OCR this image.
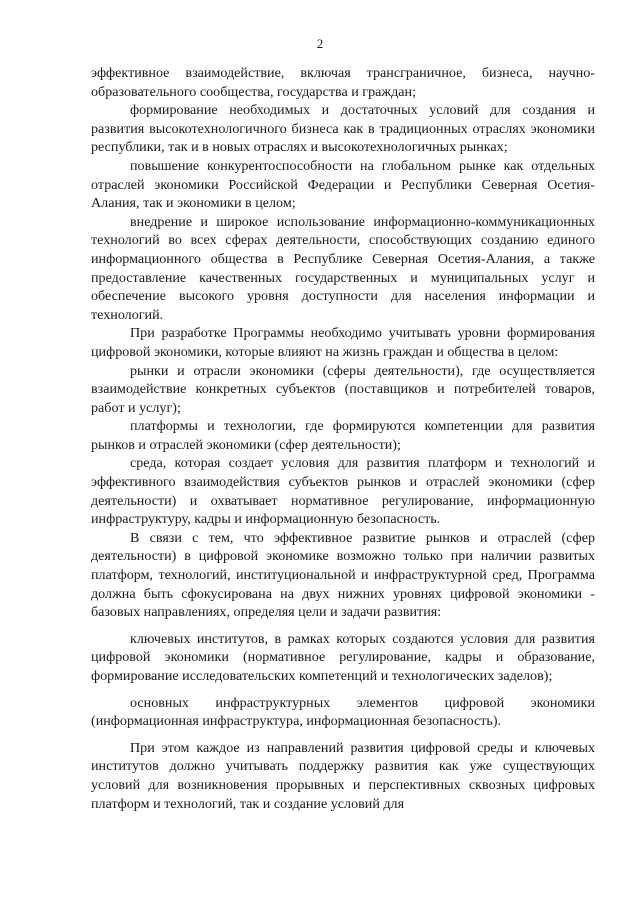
2

эффективное взаимодействие, включая трансграничное, бизнеса, научно-образовательного сообщества, государства и граждан;

формирование необходимых и достаточных условий для создания и развития высокотехнологичного бизнеса как в традиционных отраслях экономики республики, так и в новых отраслях и высокотехнологичных рынках;

повышение конкурентоспособности на глобальном рынке как отдельных отраслей экономики Российской Федерации и Республики Северная Осетия-Алания, так и экономики в целом;

внедрение и широкое использование информационно-коммуникационных технологий во всех сферах деятельности, способствующих созданию единого информационного общества в Республике Северная Осетия-Алания, а также предоставление качественных государственных и муниципальных услуг и обеспечение высокого уровня доступности для населения информации и технологий.

При разработке Программы необходимо учитывать уровни формирования цифровой экономики, которые влияют на жизнь граждан и общества в целом:

рынки и отрасли экономики (сферы деятельности), где осуществляется взаимодействие конкретных субъектов (поставщиков и потребителей товаров, работ и услуг);

платформы и технологии, где формируются компетенции для развития рынков и отраслей экономики (сфер деятельности);

среда, которая создает условия для развития платформ и технологий и эффективного взаимодействия субъектов рынков и отраслей экономики (сфер деятельности) и охватывает нормативное регулирование, информационную инфраструктуру, кадры и информационную безопасность.

В связи с тем, что эффективное развитие рынков и отраслей (сфер деятельности) в цифровой экономике возможно только при наличии развитых платформ, технологий, институциональной и инфраструктурной сред, Программа должна быть сфокусирована на двух нижних уровнях цифровой экономики - базовых направлениях, определяя цели и задачи развития:

ключевых институтов, в рамках которых создаются условия для развития цифровой экономики (нормативное регулирование, кадры и образование, формирование исследовательских компетенций и технологических заделов);

основных инфраструктурных элементов цифровой экономики (информационная инфраструктура, информационная безопасность).

При этом каждое из направлений развития цифровой среды и ключевых институтов должно учитывать поддержку развития как уже существующих условий для возникновения прорывных и перспективных сквозных цифровых платформ и технологий, так и создание условий для
